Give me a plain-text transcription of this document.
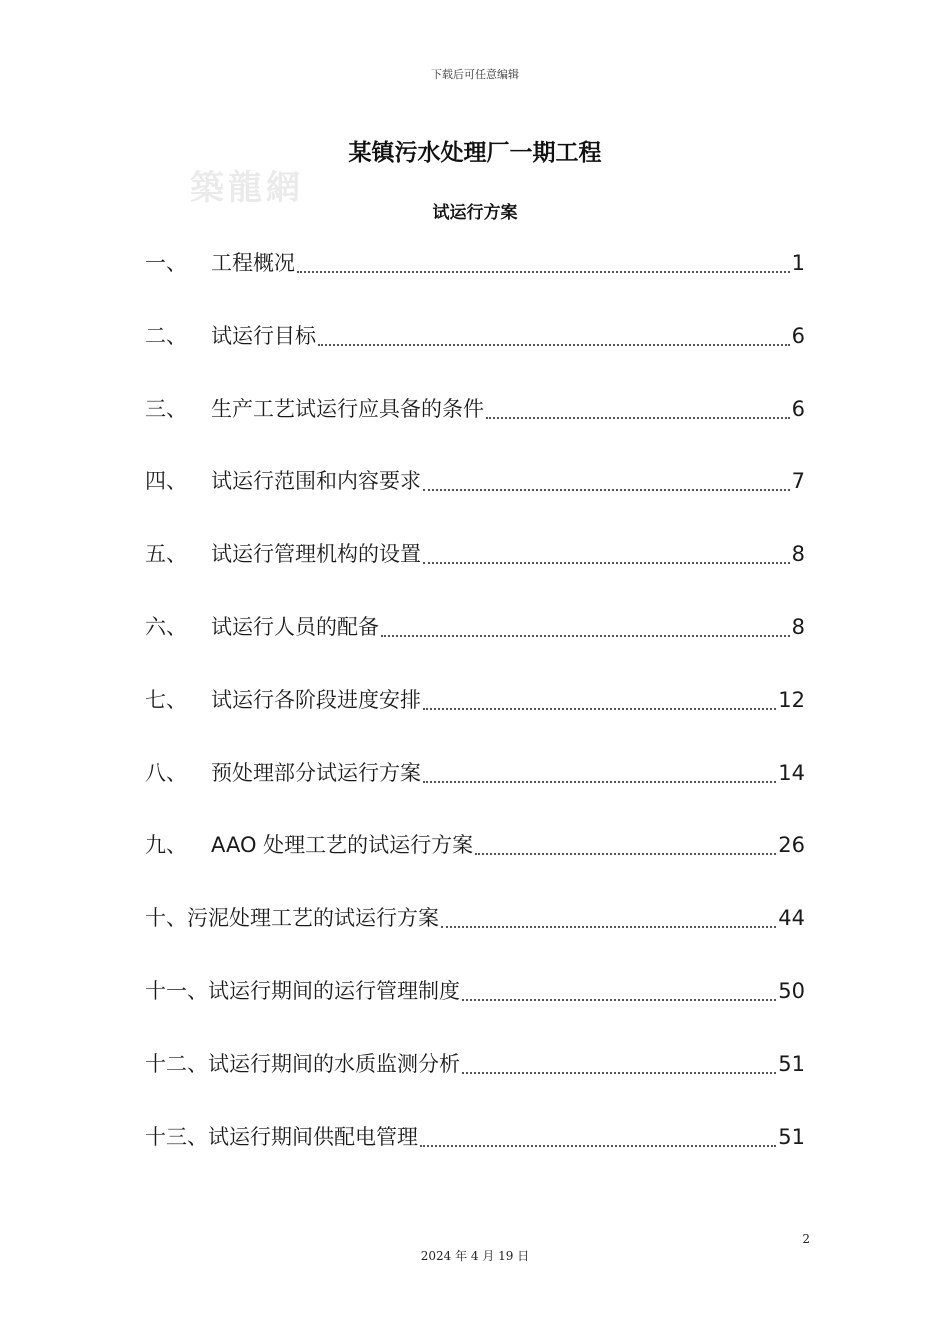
下载后可任意编辑
築龍網
某镇污水处理厂一期工程
试运行方案
一、	工程概况	1
二、	试运行目标	6
三、	生产工艺试运行应具备的条件	6
四、	试运行范围和内容要求	7
五、	试运行管理机构的设置	8
六、	试运行人员的配备	8
七、	试运行各阶段进度安排	12
八、	预处理部分试运行方案	14
九、	AAO 处理工艺的试运行方案	26
十、 污泥处理工艺的试运行方案	44
十一、 试运行期间的运行管理制度	50
十二、 试运行期间的水质监测分析	51
十三、 试运行期间供配电管理	51
2
2024 年 4 月 19 日
